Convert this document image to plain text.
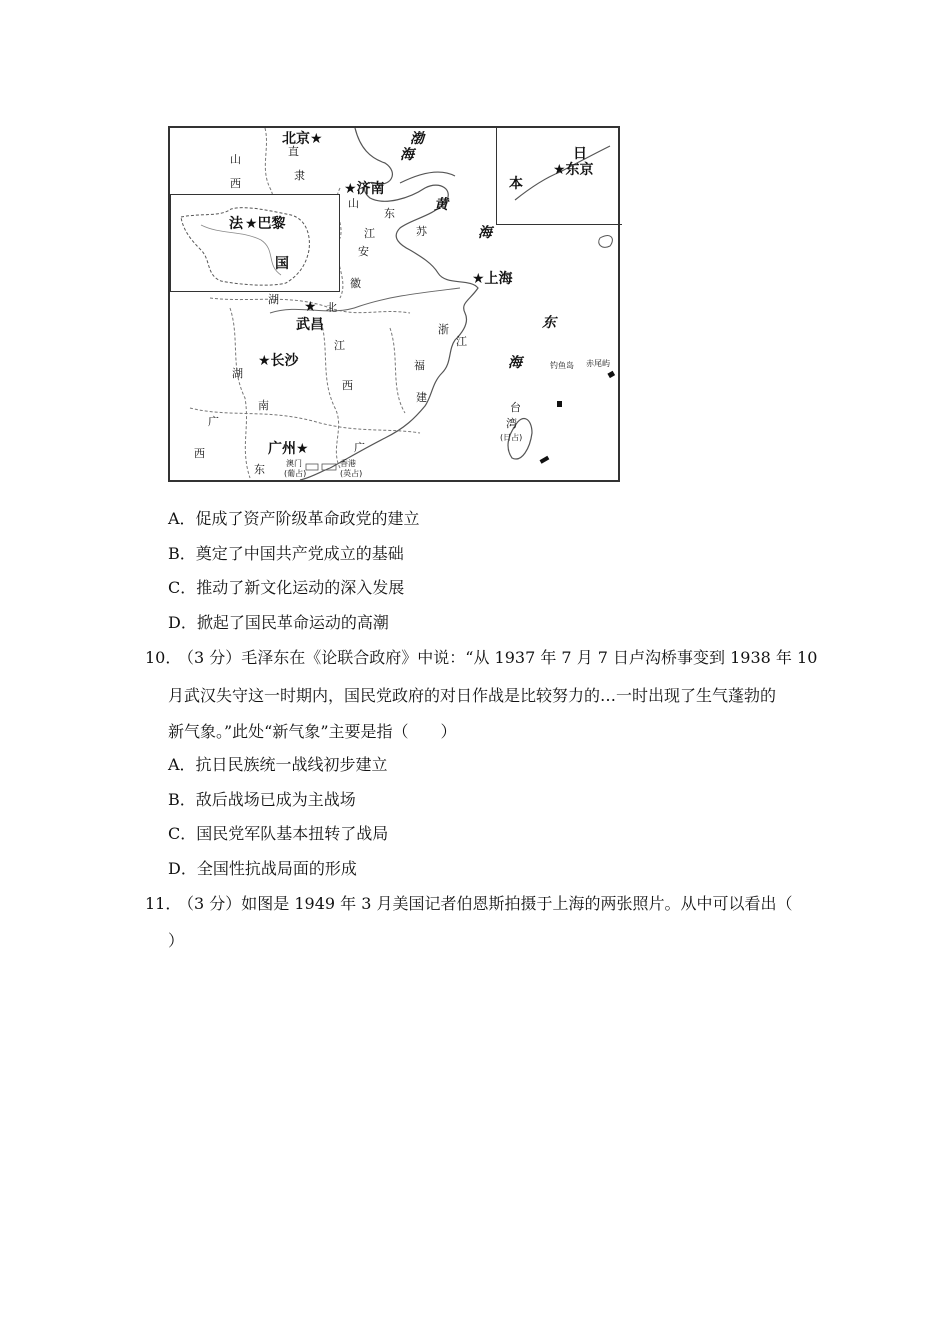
法 ★巴黎
国
日
本
★东京
北京★
山
西
直
隶
渤
海
★济南
山
东
黄
海
江	苏
安
徽	★上海
湖
北
★
武昌	浙
江
东
海
江
西
★长沙
湖
南
福
建
钓鱼岛 赤尾屿
台
湾
(日占)
广
西	广州★	广
东	澳门
(葡占)
香港
(英占)
A．促成了资产阶级革命政党的建立
B．奠定了中国共产党成立的基础
C．推动了新文化运动的深入发展
D．掀起了国民革命运动的高潮
10．
（3 分）毛泽东在《论联合政府》中说：“从 1937 年 7 月 7 日卢沟桥事变到 1938 年 10
月武汉失守这一时期内，国民党政府的对日作战是比较努力的…一时出现了生气蓬勃的
新气象。”此处“新气象”主要是指（　　）
A．抗日民族统一战线初步建立
B．敌后战场已成为主战场
C．国民党军队基本扭转了战局
D．全国性抗战局面的形成
11．
（3 分）如图是 1949 年 3 月美国记者伯恩斯拍摄于上海的两张照片。从中可以看出（
）
